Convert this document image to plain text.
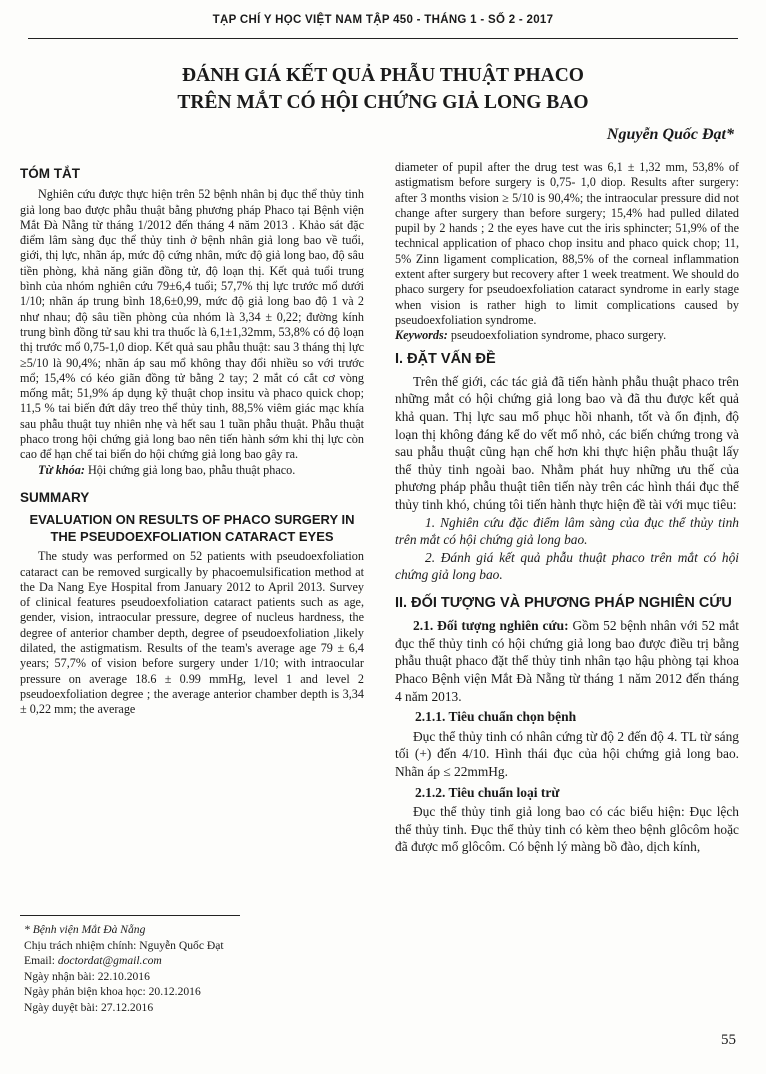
TẠP CHÍ Y HỌC VIỆT NAM TẬP 450 - THÁNG 1 - SỐ 2 - 2017
ĐÁNH GIÁ KẾT QUẢ PHẪU THUẬT PHACO
TRÊN MẮT CÓ HỘI CHỨNG GIẢ LONG BAO
Nguyễn Quốc Đạt*
TÓM TẮT

Nghiên cứu được thực hiện trên 52 bệnh nhân bị đục thể thủy tinh giả long bao được phẫu thuật bằng phương pháp Phaco tại Bệnh viện Mắt Đà Nẵng từ tháng 1/2012 đến tháng 4 năm 2013 . Khảo sát đặc điểm lâm sàng đục thể thủy tinh ở bệnh nhân giả long bao về tuổi, giới, thị lực, nhãn áp, mức độ cứng nhân, mức độ giả long bao, độ sâu tiền phòng, khả năng giãn đồng tử, độ loạn thị. Kết quả tuổi trung bình của nhóm nghiên cứu 79±6,4 tuổi; 57,7% thị lực trước mổ dưới 1/10; nhãn áp trung bình 18,6±0,99, mức độ giả long bao độ 1 và 2 như nhau; độ sâu tiền phòng của nhóm là 3,34 ± 0,22; đường kính trung bình đồng tử sau khi tra thuốc là 6,1±1,32mm, 53,8% có độ loạn thị trước mổ 0,75-1,0 diop. Kết quả sau phẫu thuật: sau 3 tháng thị lực ≥5/10 là 90,4%; nhãn áp sau mổ không thay đổi nhiều so với trước mổ; 15,4% có kéo giãn đồng tử bằng 2 tay; 2 mắt có cắt cơ vòng mống mắt; 51,9% áp dụng kỹ thuật chop insitu và phaco quick chop; 11,5 % tai biến đứt dây treo thể thủy tinh, 88,5% viêm giác mạc khía sau phẫu thuật tuy nhiên nhẹ và hết sau 1 tuần phẫu thuật. Phẫu thuật phaco trong hội chứng giả long bao nên tiến hành sớm khi thị lực còn cao để hạn chế tai biến do hội chứng giả long bao gây ra.

Từ khóa: Hội chứng giả long bao, phẫu thuật phaco.

SUMMARY
EVALUATION ON RESULTS OF PHACO SURGERY IN THE PSEUDOEXFOLIATION CATARACT EYES

The study was performed on 52 patients with pseudoexfoliation cataract can be removed surgically by phacoemulsification method at the Da Nang Eye Hospital from January 2012 to April 2013. Survey of clinical features pseudoexfoliation cataract patients such as age, gender, vision, intraocular pressure, degree of nucleus hardness, the degree of anterior chamber depth, degree of pseudoexfoliation ,likely dilated, the astigmatism. Results of the team's average age 79 ± 6,4 years; 57,7% of vision before surgery under 1/10; with intraocular pressure on average 18.6 ± 0.99 mmHg, level 1 and level 2 pseudoexfoliation degree ; the average anterior chamber depth is 3,34 ± 0,22 mm; the average

diameter of pupil after the drug test was 6,1 ± 1,32 mm, 53,8% of astigmatism before surgery is 0,75- 1,0 diop. Results after surgery: after 3 months vision ≥ 5/10 is 90,4%; the intraocular pressure did not change after surgery than before surgery; 15,4% had pulled dilated pupil by 2 hands ; 2 the eyes have cut the iris sphincter; 51,9% of the technical application of phaco chop insitu and phaco quick chop; 11, 5% Zinn ligament complication, 88,5% of the corneal inflammation extent after surgery but recovery after 1 week treatment. We should do phaco surgery for pseudoexfoliation cataract syndrome in early stage when vision is rather high to limit complications caused by pseudoexfoliation syndrome.

Keywords: pseudoexfoliation syndrome, phaco surgery.

I. ĐẶT VẤN ĐỀ

Trên thế giới, các tác giả đã tiến hành phẫu thuật phaco trên những mắt có hội chứng giả long bao và đã thu được kết quả khả quan. Thị lực sau mổ phục hồi nhanh, tốt và ổn định, độ loạn thị không đáng kể do vết mổ nhỏ, các biến chứng trong và sau phẫu thuật cũng hạn chế hơn khi thực hiện phẫu thuật lấy thể thủy tinh ngoài bao. Nhằm phát huy những ưu thế của phương pháp phẫu thuật tiên tiến này trên các hình thái đục thể thủy tinh khó, chúng tôi tiến hành thực hiện đề tài với mục tiêu:

1. Nghiên cứu đặc điểm lâm sàng của đục thể thủy tinh trên mắt có hội chứng giả long bao.

2. Đánh giá kết quả phẫu thuật phaco trên mắt có hội chứng giả long bao.

II. ĐỐI TƯỢNG VÀ PHƯƠNG PHÁP NGHIÊN CỨU

2.1. Đối tượng nghiên cứu: Gồm 52 bệnh nhân với 52 mắt đục thể thủy tinh có hội chứng giả long bao được điều trị bằng phẫu thuật phaco đặt thể thủy tinh nhân tạo hậu phòng tại khoa Phaco Bệnh viện Mắt Đà Nẵng từ tháng 1 năm 2012 đến tháng 4 năm 2013.

2.1.1. Tiêu chuẩn chọn bệnh

Đục thể thủy tinh có nhân cứng từ độ 2 đến độ 4. TL từ sáng tối (+) đến 4/10. Hình thái đục của hội chứng giả long bao. Nhãn áp ≤ 22mmHg.

2.1.2. Tiêu chuẩn loại trừ

Đục thể thủy tinh giả long bao có các biểu hiện: Đục lệch thể thủy tinh. Đục thể thủy tinh có kèm theo bệnh glôcôm hoặc đã được mổ glôcôm. Có bệnh lý màng bồ đào, dịch kính,

* Bệnh viện Mắt Đà Nẵng
Chịu trách nhiệm chính: Nguyễn Quốc Đạt
Email: doctordat@gmail.com
Ngày nhận bài: 22.10.2016
Ngày phản biện khoa học: 20.12.2016
Ngày duyệt bài: 27.12.2016
55
